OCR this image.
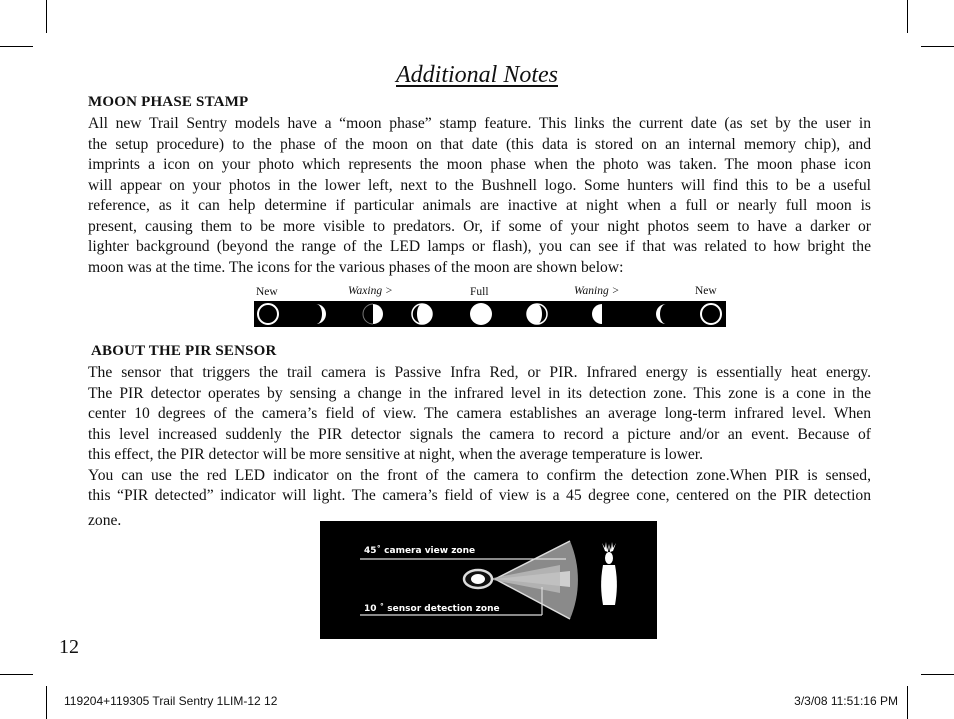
Additional Notes
MOON PHASE STAMP
All new Trail Sentry models have a “moon phase” stamp feature. This links the current date (as set by the user in
the setup procedure) to the phase of the moon on that date (this data is stored on an internal memory chip), and
imprints a icon on your photo which represents the moon phase when the photo was taken. The moon phase icon
will appear on your photos in the lower left, next to the Bushnell logo. Some hunters will find this to be a useful
reference, as it can help determine if particular animals are inactive at night when a full or nearly full moon is
present, causing them to be more visible to predators. Or, if some of your night photos seem to have a darker or
lighter background (beyond the range of the LED lamps or flash), you can see if that was related to how bright the
moon was at the time. The icons for the various phases of the moon are shown below:
New	Waxing >	Full	Waning >	New
ABOUT THE PIR SENSOR
The sensor that triggers the trail camera is Passive Infra Red, or PIR. Infrared energy is essentially heat energy.
The PIR detector operates by sensing a change in the infrared level in its detection zone. This zone is a cone in the
center 10 degrees of the camera’s field of view. The camera establishes an average long-term infrared level. When
this level increased suddenly the PIR detector signals the camera to record a picture and/or an event. Because of
this effect, the PIR detector will be more sensitive at night, when the average temperature is lower.
You can use the red LED indicator on the front of the camera to confirm the detection zone.When PIR is sensed,
this “PIR detected” indicator will light. The camera’s field of view is a 45 degree cone, centered on the PIR detection
zone.
45˚ camera view zone
10 ˚ sensor detection zone
12
119204+119305 Trail Sentry 1LIM-12 12	3/3/08 11:51:16 PM
